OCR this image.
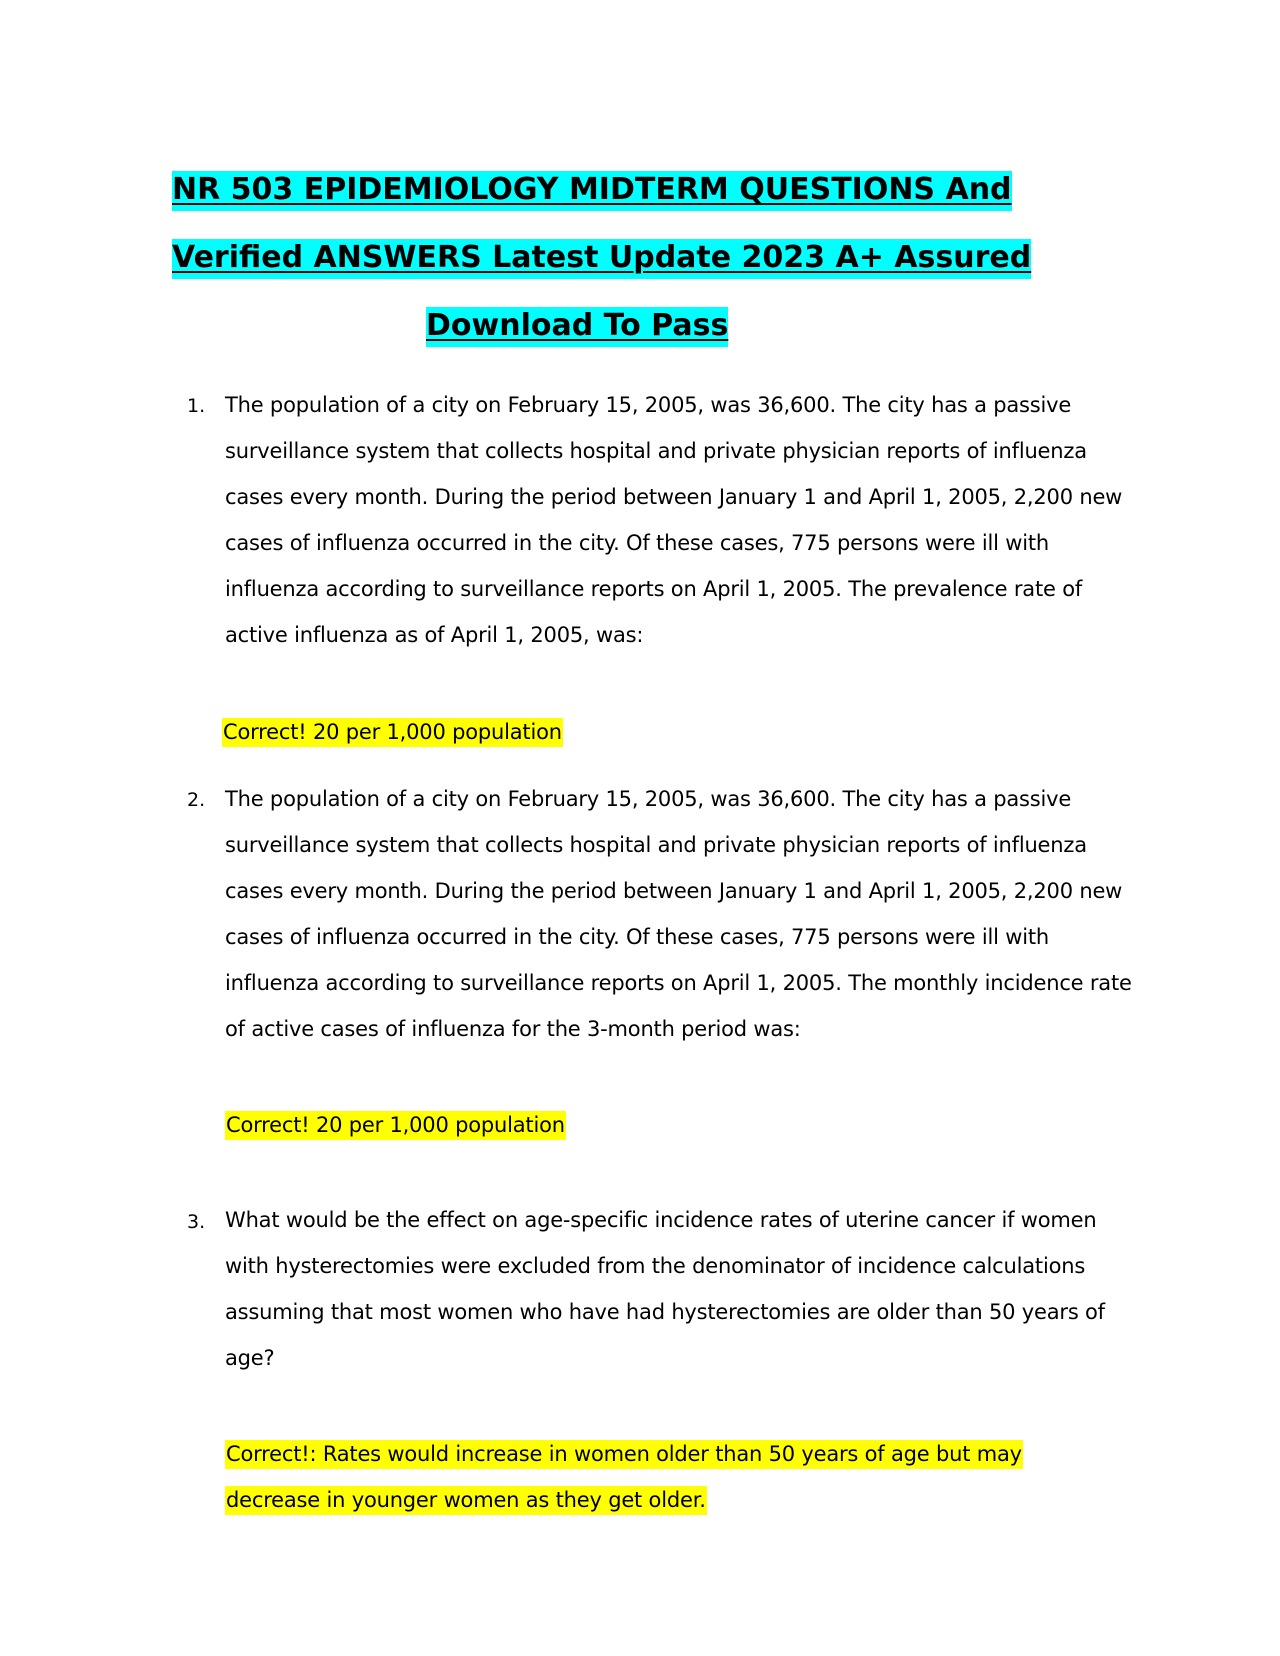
NR 503 EPIDEMIOLOGY MIDTERM QUESTIONS And
Verified ANSWERS Latest Update 2023 A+ Assured
Download To Pass
1. The population of a city on February 15, 2005, was 36,600. The city has a passive
surveillance system that collects hospital and private physician reports of influenza
cases every month. During the period between January 1 and April 1, 2005, 2,200 new
cases of influenza occurred in the city. Of these cases, 775 persons were ill with
influenza according to surveillance reports on April 1, 2005. The prevalence rate of
active influenza as of April 1, 2005, was:
Correct! 20 per 1,000 population
2. The population of a city on February 15, 2005, was 36,600. The city has a passive
surveillance system that collects hospital and private physician reports of influenza
cases every month. During the period between January 1 and April 1, 2005, 2,200 new
cases of influenza occurred in the city. Of these cases, 775 persons were ill with
influenza according to surveillance reports on April 1, 2005. The monthly incidence rate
of active cases of influenza for the 3-month period was:
Correct! 20 per 1,000 population
3. What would be the effect on age-specific incidence rates of uterine cancer if women
with hysterectomies were excluded from the denominator of incidence calculations
assuming that most women who have had hysterectomies are older than 50 years of
age?
Correct!: Rates would increase in women older than 50 years of age but may
decrease in younger women as they get older.
